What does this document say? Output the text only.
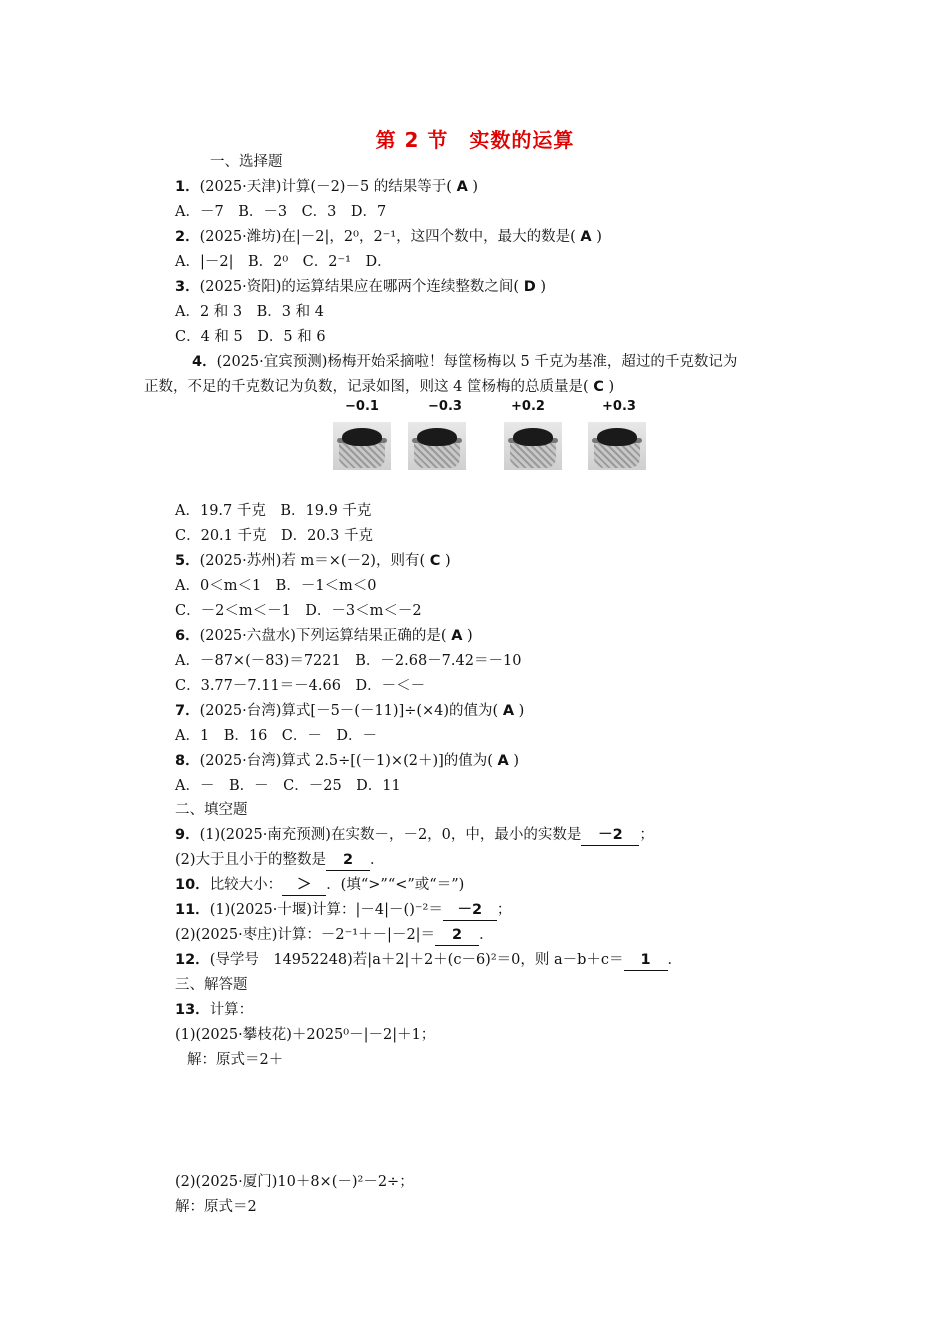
第 2 节　实数的运算
一、选择题
1．(2025·天津)计算(－2)－5 的结果等于( A )
A．－7　B．－3　C．3　D．7
2．(2025·潍坊)在|－2|，2⁰，2⁻¹，这四个数中，最大的数是( A )
A．|－2|　B．2⁰　C．2⁻¹　D．
3．(2025·资阳)的运算结果应在哪两个连续整数之间( D )
A．2 和 3　B．3 和 4
C．4 和 5　D．5 和 6
4．(2025·宜宾预测)杨梅开始采摘啦！每筐杨梅以 5 千克为基准，超过的千克数记为
正数，不足的千克数记为负数，记录如图，则这 4 筐杨梅的总质量是( C )
−0.1	−0.3	+0.2	+0.3
A．19.7 千克　B．19.9 千克
C．20.1 千克　D．20.3 千克
5．(2025·苏州)若 m＝×(－2)，则有( C )
A．0＜m＜1　B．－1＜m＜0
C．－2＜m＜－1　D．－3＜m＜－2
6．(2025·六盘水)下列运算结果正确的是( A )
A．－87×(－83)＝7221　B．－2.68－7.42＝－10
C．3.77－7.11＝－4.66　D．－＜－
7．(2025·台湾)算式[－5－(－11)]÷(×4)的值为( A )
A．1　B．16　C．－　D．－
8．(2025·台湾)算式 2.5÷[(－1)×(2＋)]的值为( A )
A．－　B．－　C．－25　D．11
二、填空题
9．(1)(2025·南充预测)在实数－，－2，0，中，最小的实数是 －2 ；
(2)大于且小于的整数是 2 ．
10．比较大小： ＞ ．(填“>”“<”或“＝”)
11．(1)(2025·十堰)计算：|－4|－()⁻²＝ －2 ；
(2)(2025·枣庄)计算：－2⁻¹＋－|－2|＝ 2 ．
12．(导学号　14952248)若|a＋2|＋2＋(c－6)²＝0，则 a－b＋c＝ 1 ．
三、解答题
13．计算：
(1)(2025·攀枝花)＋2025⁰－|－2|＋1；
解：原式＝2＋
(2)(2025·厦门)10＋8×(－)²－2÷；
解：原式＝2
